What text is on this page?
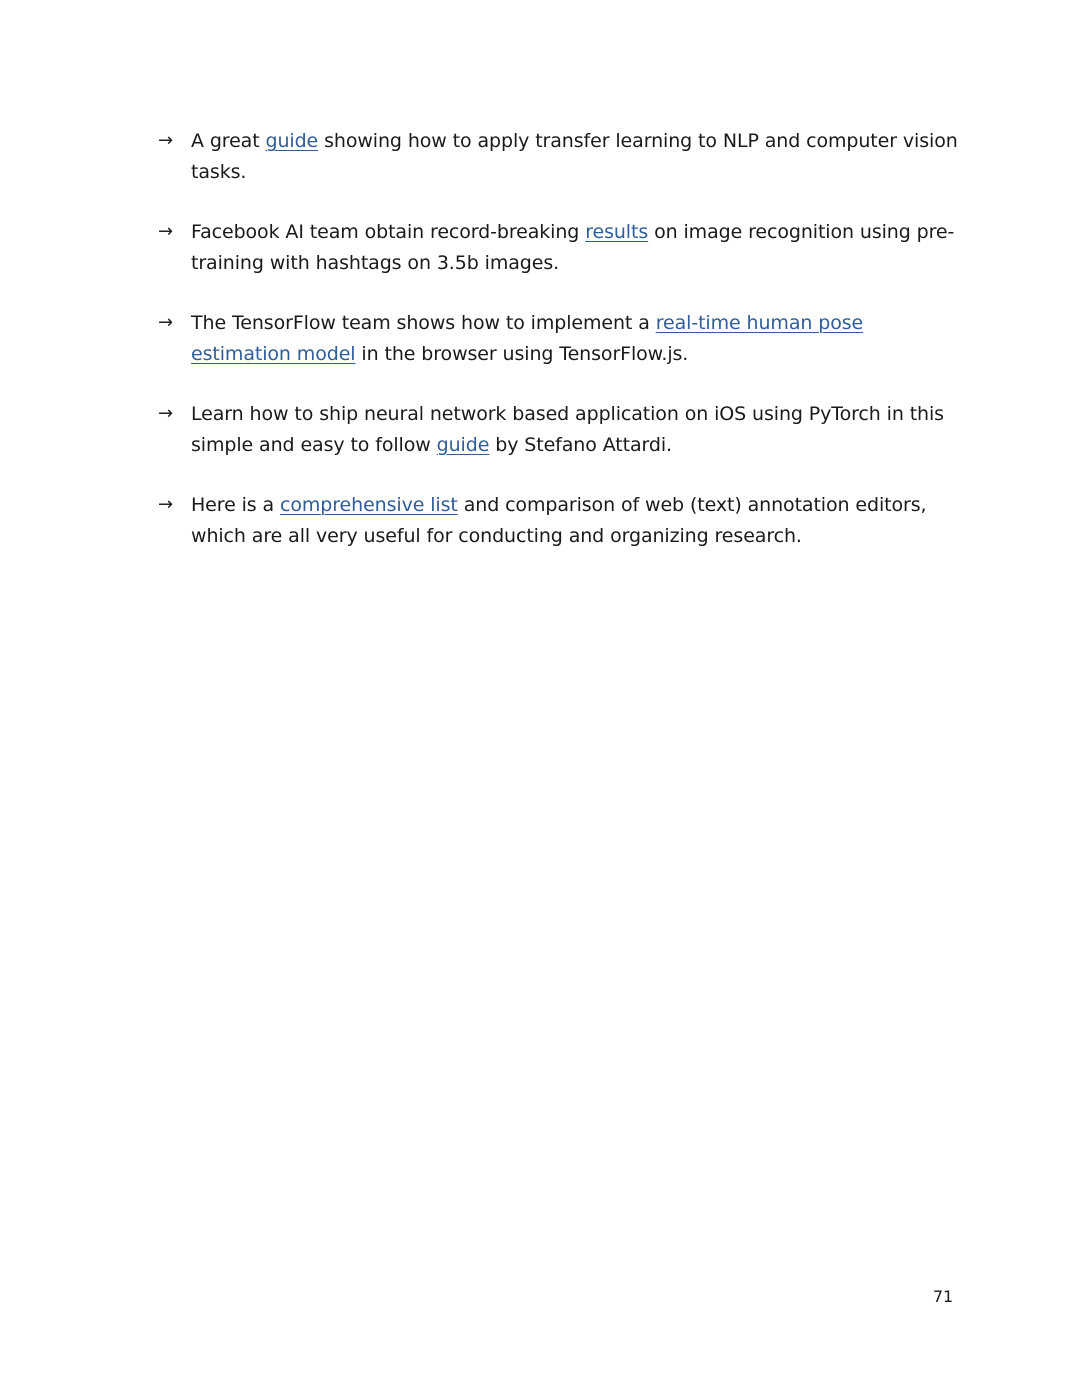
→ A great guide showing how to apply transfer learning to NLP and computer vision tasks.
→ Facebook AI team obtain record-breaking results on image recognition using pre-training with hashtags on 3.5b images.
→ The TensorFlow team shows how to implement a real-time human pose estimation model in the browser using TensorFlow.js.
→ Learn how to ship neural network based application on iOS using PyTorch in this simple and easy to follow guide by Stefano Attardi.
→ Here is a comprehensive list and comparison of web (text) annotation editors, which are all very useful for conducting and organizing research.
71
